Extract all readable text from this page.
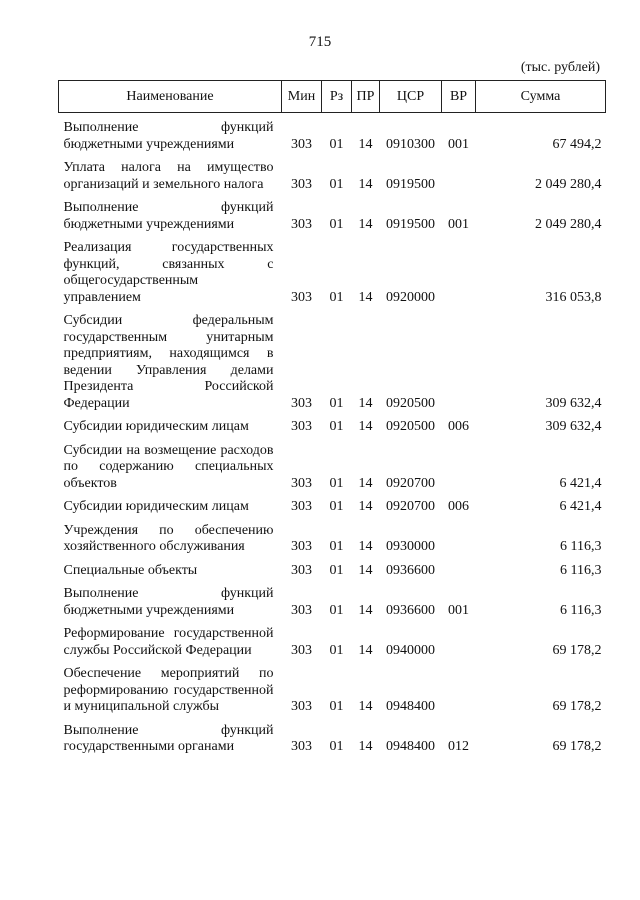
715
(тыс. рублей)
Наименование	Мин	Рз	ПР	ЦСР	ВР	Сумма
Выполнение функций бюджетными учреждениями	303	01	14	0910300	001	67 494,2
Уплата налога на имущество организаций и земельного налога	303	01	14	0919500		2 049 280,4
Выполнение функций бюджетными учреждениями	303	01	14	0919500	001	2 049 280,4
Реализация государственных функций, связанных с общегосударственным управлением	303	01	14	0920000		316 053,8
Субсидии федеральным государственным унитарным предприятиям, находящимся в ведении Управления делами Президента Российской Федерации	303	01	14	0920500		309 632,4
Субсидии юридическим лицам	303	01	14	0920500	006	309 632,4
Субсидии на возмещение расходов по содержанию специальных объектов	303	01	14	0920700		6 421,4
Субсидии юридическим лицам	303	01	14	0920700	006	6 421,4
Учреждения по обеспечению хозяйственного обслуживания	303	01	14	0930000		6 116,3
Специальные объекты	303	01	14	0936600		6 116,3
Выполнение функций бюджетными учреждениями	303	01	14	0936600	001	6 116,3
Реформирование государственной службы Российской Федерации	303	01	14	0940000		69 178,2
Обеспечение мероприятий по реформированию государственной и муниципальной службы	303	01	14	0948400		69 178,2
Выполнение функций государственными органами	303	01	14	0948400	012	69 178,2
